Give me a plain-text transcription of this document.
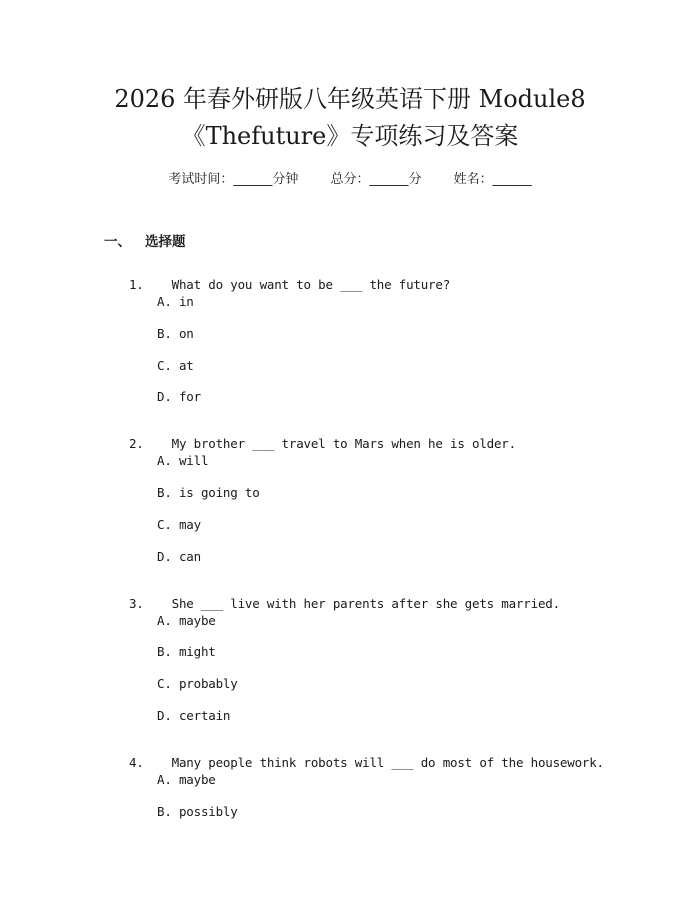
2026 年春外研版八年级英语下册 Module8
《Thefuture》专项练习及答案
考试时间：______分钟 总分：______分 姓名：______
一、 选择题

1. What do you want to be ___ the future?

A. in
B. on
C. at
D. for

2. My brother ___ travel to Mars when he is older.

A. will
B. is going to
C. may
D. can

3. She ___ live with her parents after she gets married.

A. maybe
B. might
C. probably
D. certain

4. Many people think robots will ___ do most of the housework.

A. maybe
B. possibly
